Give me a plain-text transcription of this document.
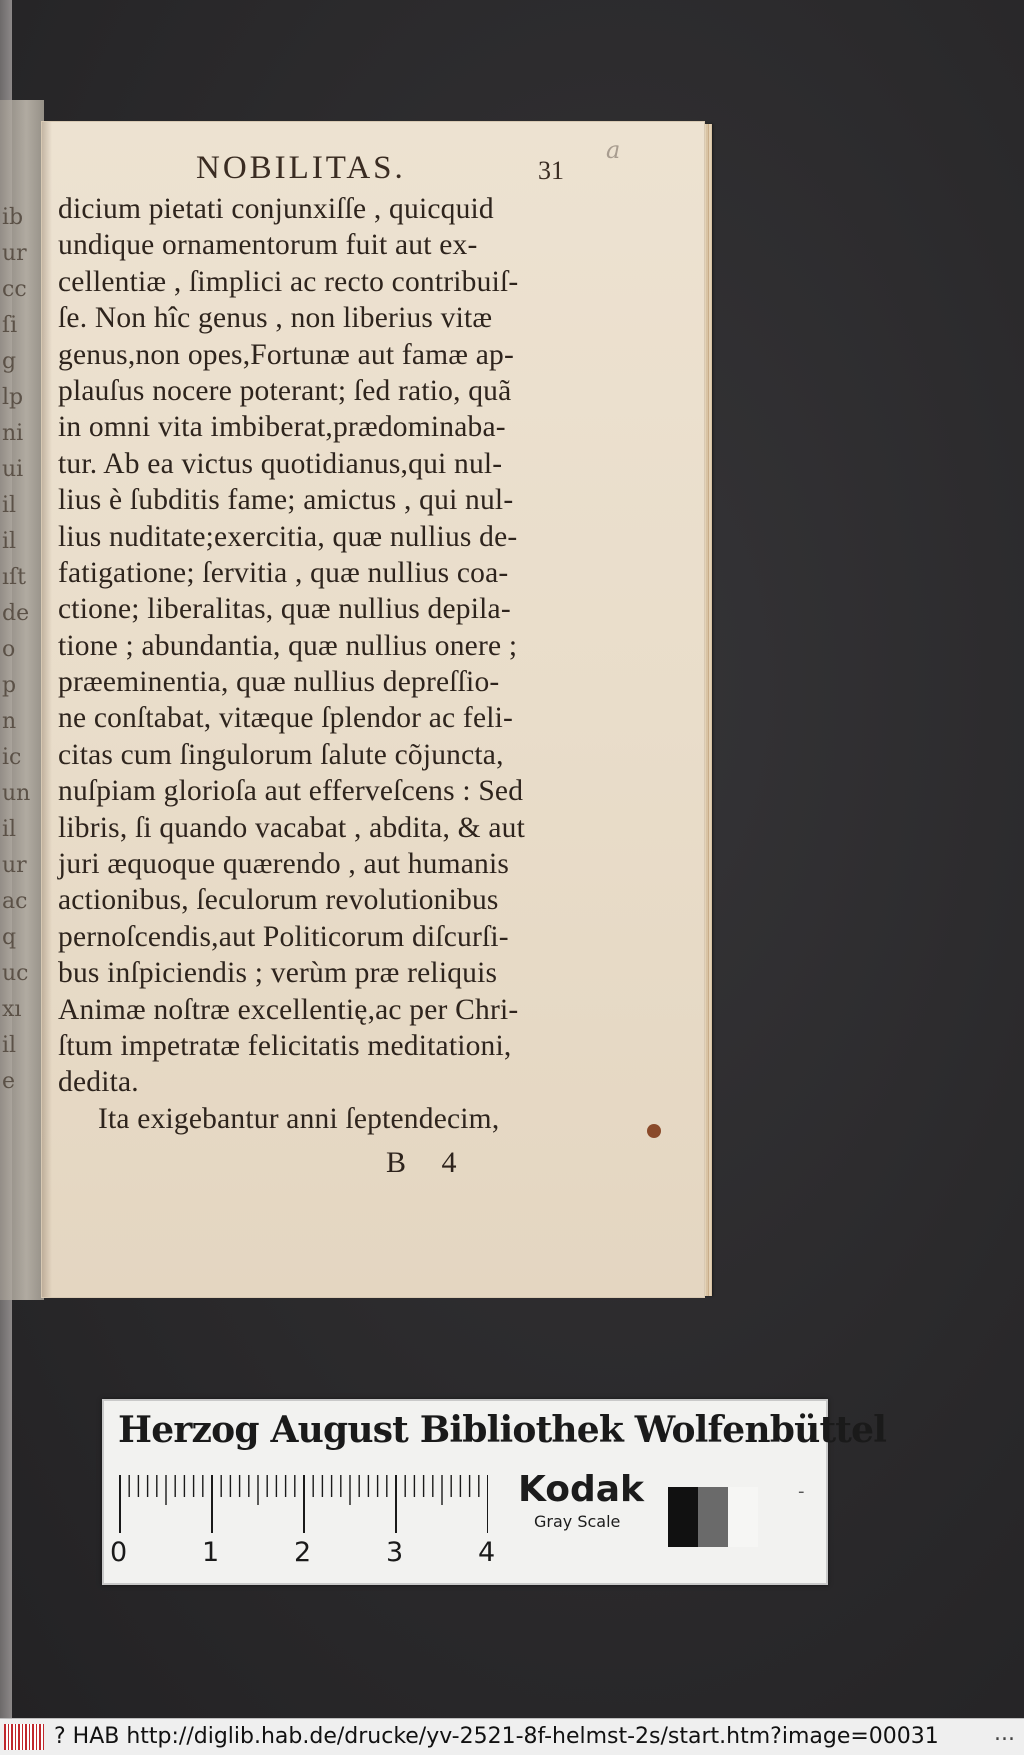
ib
ur
cc
ſi
g
lp
ni
ui
il
il
ıſt
de
o
p
n
ic
un
il
ur
ac
q
uc
xı
il
e
NOBILITAS.	31
a
dicium pietati conjunxiſſe , quicquid
undique ornamentorum fuit aut ex-
cellentiæ , ſimplici ac recto contribuiſ-
ſe. Non hîc genus , non liberius vitæ
genus,non opes,Fortunæ aut famæ ap-
plauſus nocere poterant; ſed ratio, quã
in omni vita imbiberat,prædominaba-
tur. Ab ea victus quotidianus,qui nul-
lius è ſubditis fame; amictus , qui nul-
lius nuditate;exercitia, quæ nullius de-
fatigatione; ſervitia , quæ nullius coa-
ctione; liberalitas, quæ nullius depila-
tione ; abundantia, quæ nullius onere ;
præeminentia, quæ nullius depreſſio-
ne conſtabat, vitæque ſplendor ac feli-
citas cum ſingulorum ſalute cõjuncta,
nuſpiam glorioſa aut efferveſcens : Sed
libris, ſi quando vacabat , abdita, & aut
juri æquoque quærendo , aut humanis
actionibus, ſeculorum revolutionibus
pernoſcendis,aut Politicorum diſcurſi-
bus inſpiciendis ; verùm præ reliquis
Animæ noſtræ excellentię,ac per Chri-
ſtum impetratæ felicitatis meditationi,
dedita.
Ita exigebantur anni ſeptendecim,
B 4
Herzog August Bibliothek Wolfenbüttel
0	1	2	3	4
Kodak
Gray Scale
-
? HAB http://diglib.hab.de/drucke/yv-2521-8f-helmst-2s/start.htm?image=00031	...
